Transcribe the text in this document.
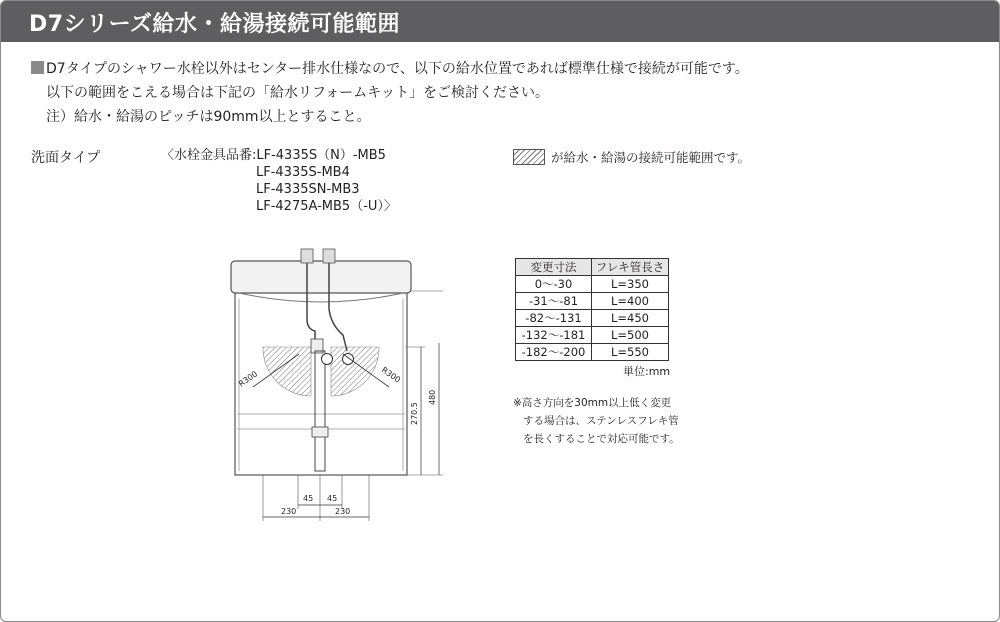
D7シリーズ給水・給湯接続可能範囲
D7タイプのシャワー水栓以外はセンター排水仕様なので、以下の給水位置であれば標準仕様で接続が可能です。
以下の範囲をこえる場合は下記の「給水リフォームキット」をご検討ください。
注）給水・給湯のピッチは90mm以上とすること。
洗面タイプ	〈水栓金具品番:LF-4335S（N）-MB5
LF-4335S-MB4
LF-4335SN-MB3
LF-4275A-MB5（-U）〉
が給水・給湯の接続可能範囲です。
変更寸法	フレキ管長さ
0〜-30	L=350
-31〜-81	L=400
-82〜-131	L=450
-132〜-181	L=500
-182〜-200	L=550
単位:mm
※高さ方向を30mm以上低く変更
する場合は、ステンレスフレキ管
を長くすることで対応可能です。
R300	R300
270.5
480
45 45
230	230
